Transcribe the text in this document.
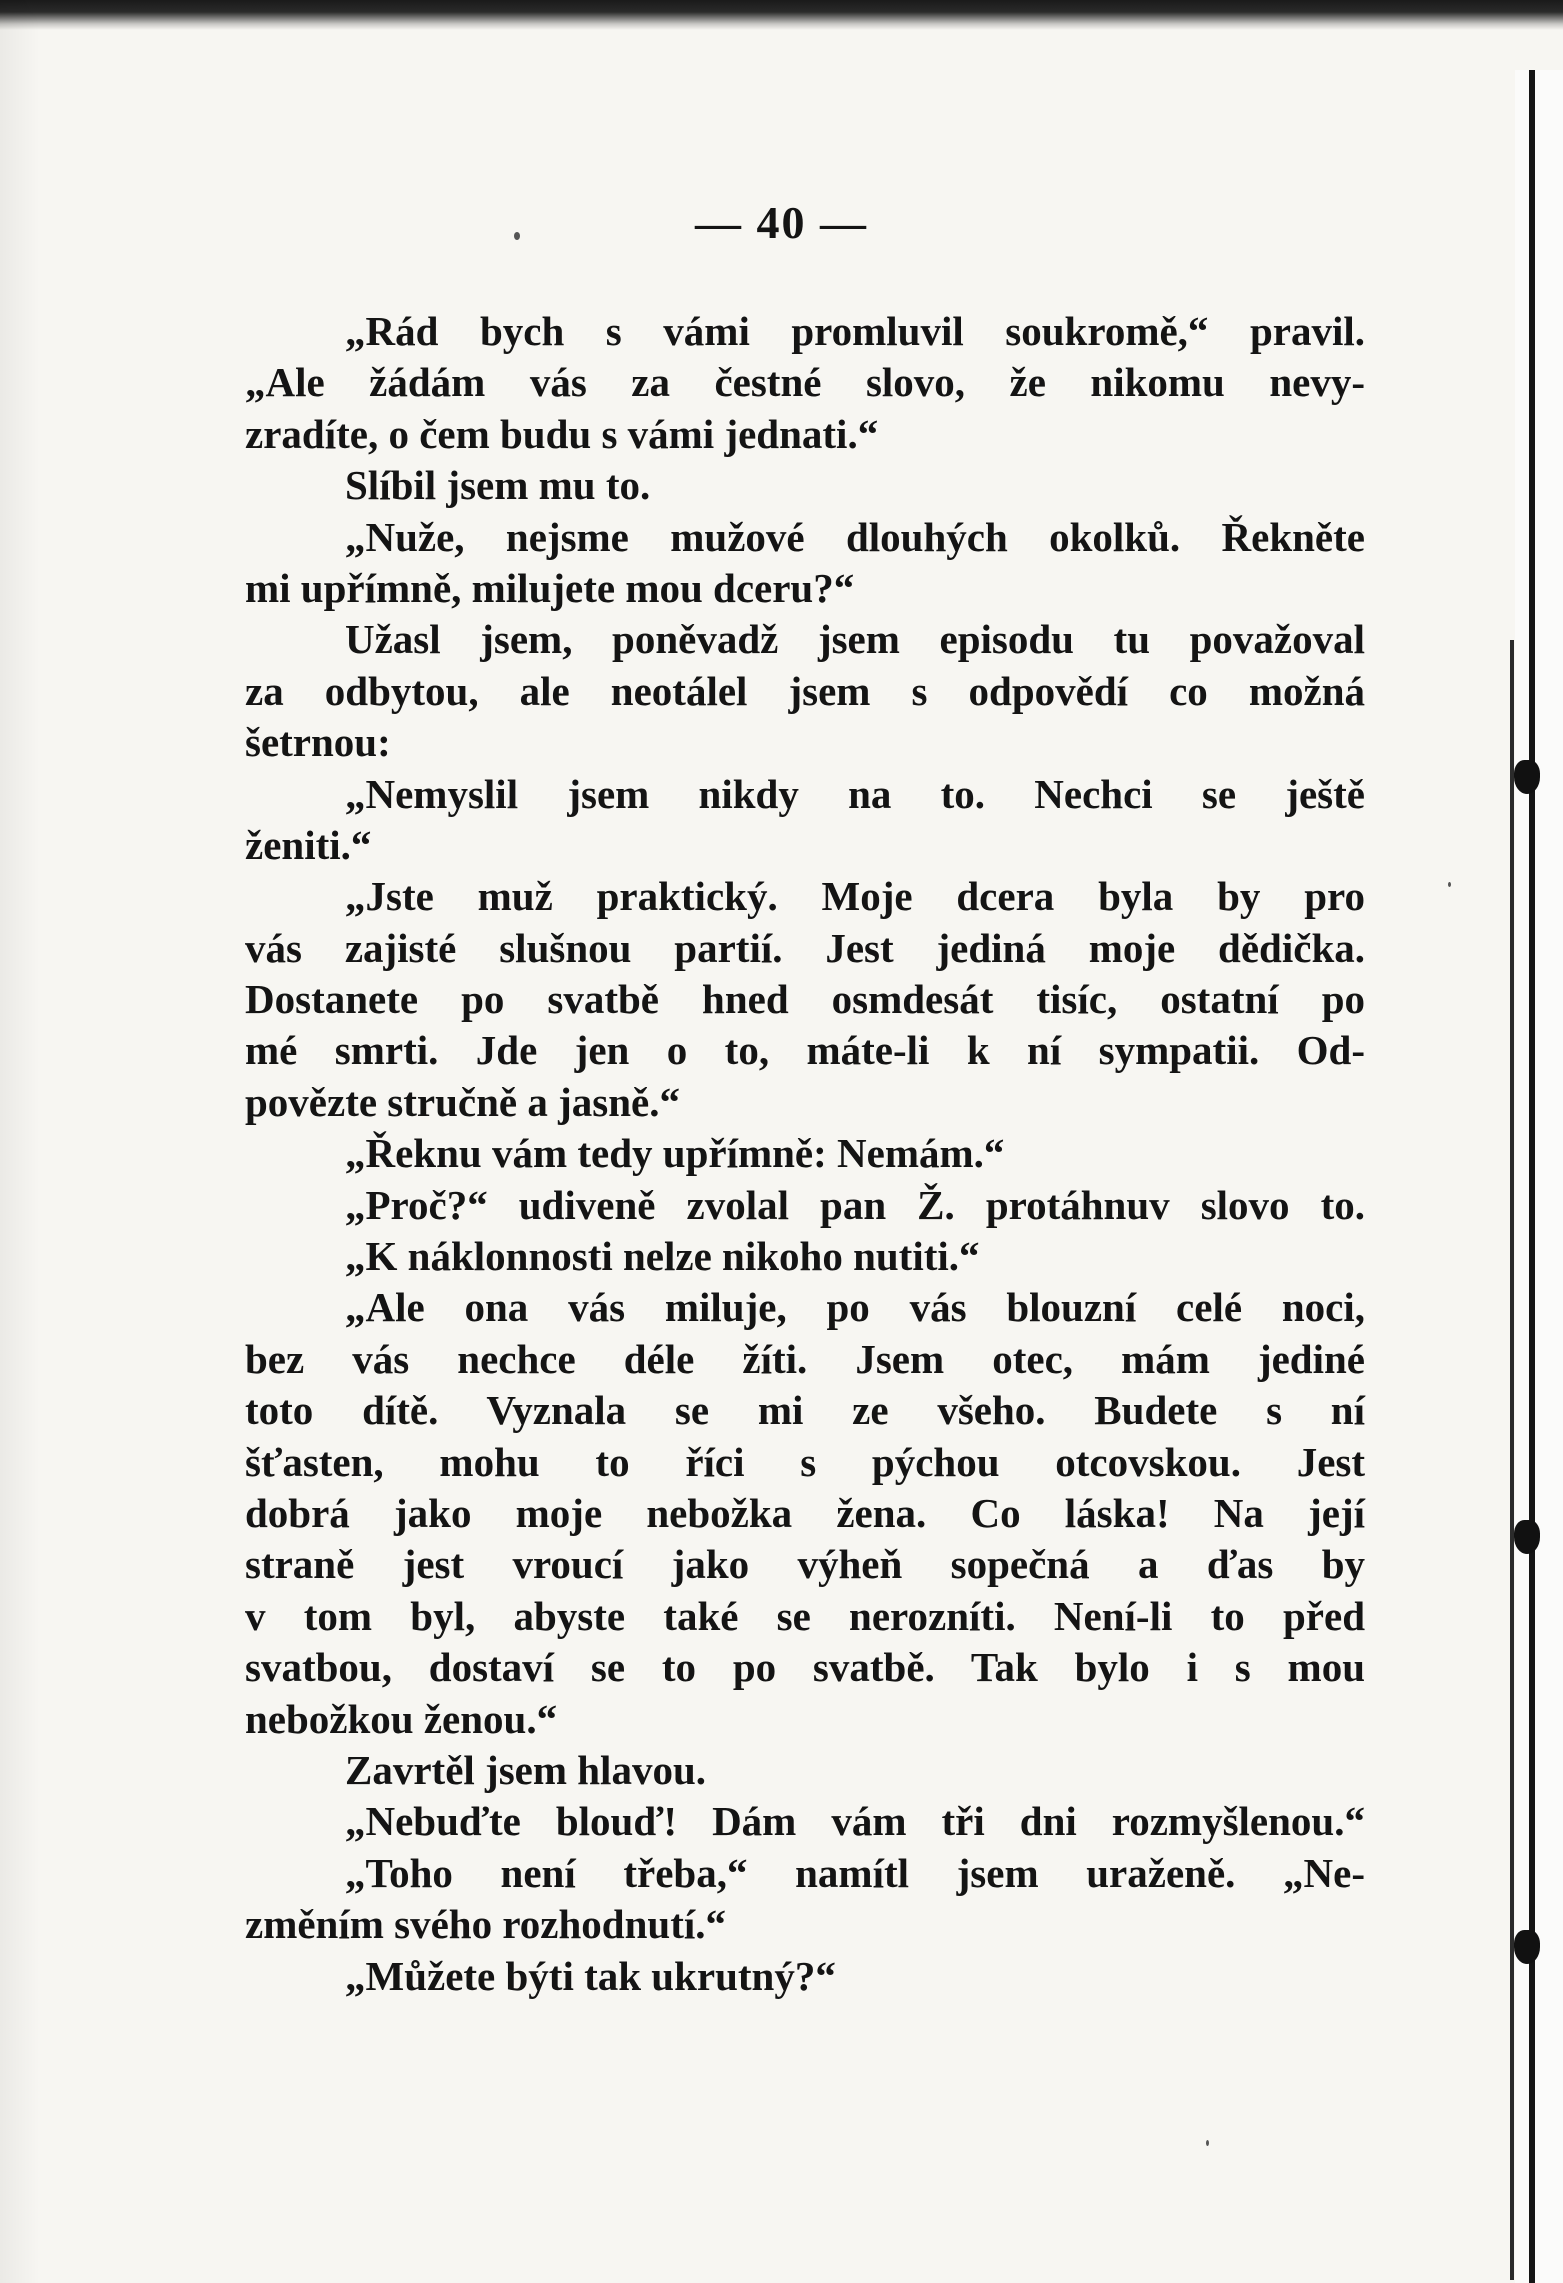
— 40 —
„Rád bych s vámi promluvil soukromě,“ pravil.
„Ale žádám vás za čestné slovo, že nikomu nevy-
zradíte, o čem budu s vámi jednati.“
Slíbil jsem mu to.
„Nuže, nejsme mužové dlouhých okolků. Řekněte
mi upřímně, milujete mou dceru?“
Užasl jsem, poněvadž jsem episodu tu považoval
za odbytou, ale neotálel jsem s odpovědí co možná
šetrnou:
„Nemyslil jsem nikdy na to. Nechci se ještě
ženiti.“
„Jste muž praktický. Moje dcera byla by pro
vás zajisté slušnou partií. Jest jediná moje dědička.
Dostanete po svatbě hned osmdesát tisíc, ostatní po
mé smrti. Jde jen o to, máte-li k ní sympatii. Od-
povězte stručně a jasně.“
„Řeknu vám tedy upřímně: Nemám.“
„Proč?“ udiveně zvolal pan Ž. protáhnuv slovo to.
„K náklonnosti nelze nikoho nutiti.“
„Ale ona vás miluje, po vás blouzní celé noci,
bez vás nechce déle žíti. Jsem otec, mám jediné
toto dítě. Vyznala se mi ze všeho. Budete s ní
šťasten, mohu to říci s pýchou otcovskou. Jest
dobrá jako moje nebožka žena. Co láska! Na její
straně jest vroucí jako výheň sopečná a ďas by
v tom byl, abyste také se nerozníti. Není-li to před
svatbou, dostaví se to po svatbě. Tak bylo i s mou
nebožkou ženou.“
Zavrtěl jsem hlavou.
„Nebuďte blouď! Dám vám tři dni rozmyšlenou.“
„Toho není třeba,“ namítl jsem uraženě. „Ne-
změním svého rozhodnutí.“
„Můžete býti tak ukrutný?“
